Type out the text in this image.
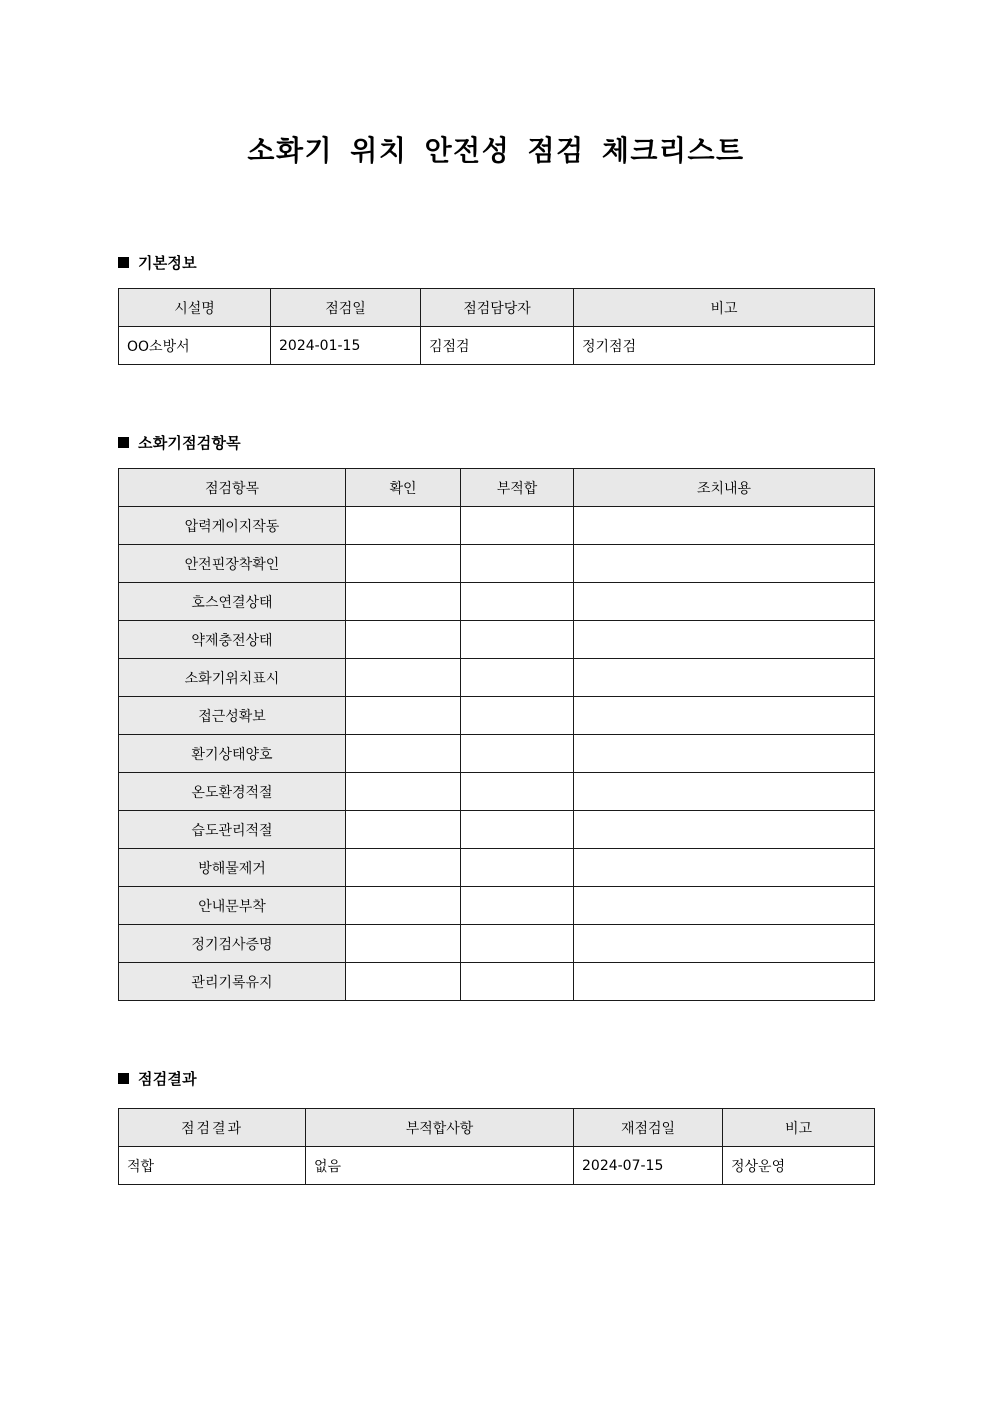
소화기 위치 안전성 점검 체크리스트
기본정보
시설명	점검일	점검담당자	비고
OO소방서	2024-01-15	김점검	정기점검
소화기점검항목
점검항목	확인	부적합	조치내용
압력게이지작동			
안전핀장착확인			
호스연결상태			
약제충전상태			
소화기위치표시			
접근성확보			
환기상태양호			
온도환경적절			
습도관리적절			
방해물제거			
안내문부착			
정기검사증명			
관리기록유지			
점검결과
점검결과	부적합사항	재점검일	비고
적합	없음	2024-07-15	정상운영
